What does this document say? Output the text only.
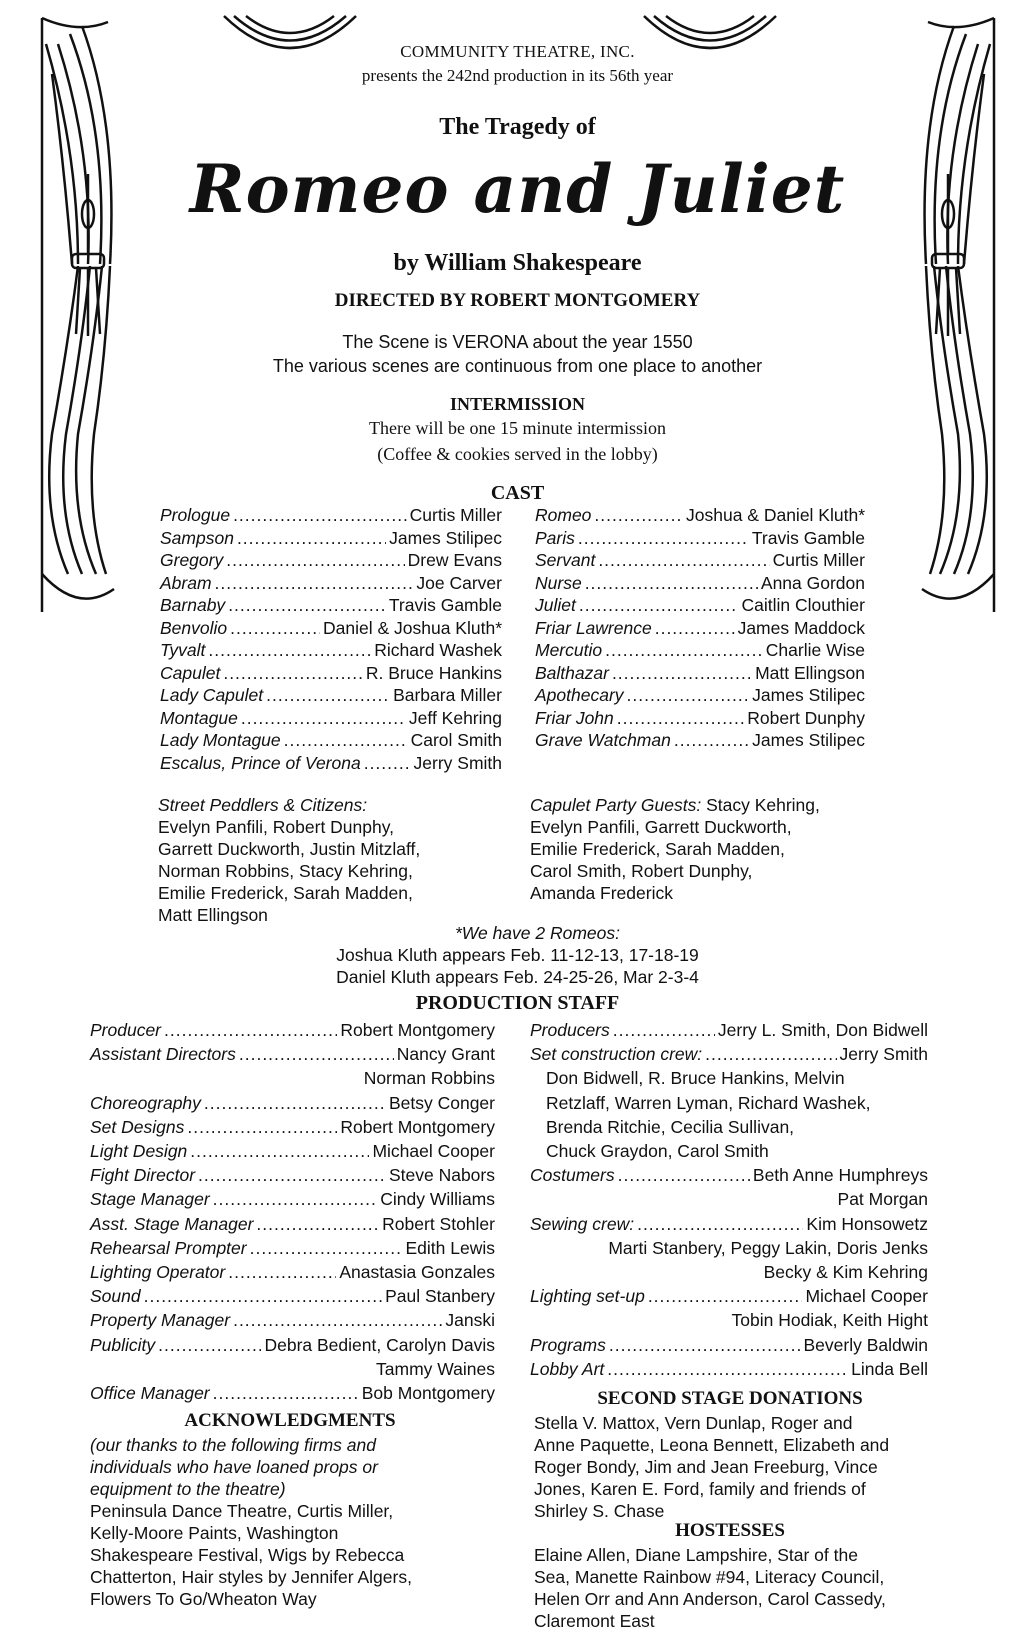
COMMUNITY THEATRE, INC.
presents the 242nd production in its 56th year
The Tragedy of
Romeo and Juliet
by William Shakespeare
DIRECTED BY ROBERT MONTGOMERY
The Scene is VERONA about the year 1550
The various scenes are continuous from one place to another
INTERMISSION
There will be one 15 minute intermission
(Coffee & cookies served in the lobby)
CAST
Prologue .....	Curtis Miller
Sampson .....	James Stilipec
Gregory .....	Drew Evans
Abram .....	Joe Carver
Barnaby .....	Travis Gamble
Benvolio .....	Daniel & Joshua Kluth*
Tyvalt .....	Richard Washek
Capulet .....	R. Bruce Hankins
Lady Capulet .....	Barbara Miller
Montague .....	Jeff Kehring
Lady Montague .....	Carol Smith
Escalus, Prince of Verona .....	Jerry Smith
Romeo .....	Joshua & Daniel Kluth*
Paris .....	Travis Gamble
Servant .....	Curtis Miller
Nurse .....	Anna Gordon
Juliet .....	Caitlin Clouthier
Friar Lawrence .....	James Maddock
Mercutio .....	Charlie Wise
Balthazar .....	Matt Ellingson
Apothecary .....	James Stilipec
Friar John .....	Robert Dunphy
Grave Watchman .....	James Stilipec
Street Peddlers & Citizens:
Evelyn Panfili, Robert Dunphy,
Garrett Duckworth, Justin Mitzlaff,
Norman Robbins, Stacy Kehring,
Emilie Frederick, Sarah Madden,
Matt Ellingson
Capulet Party Guests: Stacy Kehring,
Evelyn Panfili, Garrett Duckworth,
Emilie Frederick, Sarah Madden,
Carol Smith, Robert Dunphy,
Amanda Frederick
*We have 2 Romeos:
Joshua Kluth appears Feb. 11-12-13, 17-18-19
Daniel Kluth appears Feb. 24-25-26, Mar 2-3-4
PRODUCTION STAFF
Producer .....	Robert Montgomery
Assistant Directors .....	Nancy Grant
Norman Robbins
Choreography .....	Betsy Conger
Set Designs .....	Robert Montgomery
Light Design .....	Michael Cooper
Fight Director .....	Steve Nabors
Stage Manager .....	Cindy Williams
Asst. Stage Manager .....	Robert Stohler
Rehearsal Prompter .....	Edith Lewis
Lighting Operator .....	Anastasia Gonzales
Sound .....	Paul Stanbery
Property Manager .....	Janski
Publicity .....	Debra Bedient, Carolyn Davis
Tammy Waines
Office Manager .....	Bob Montgomery
Producers .....	Jerry L. Smith, Don Bidwell
Set construction crew: .....	Jerry Smith
Don Bidwell, R. Bruce Hankins, Melvin
Retzlaff, Warren Lyman, Richard Washek,
Brenda Ritchie, Cecilia Sullivan,
Chuck Graydon, Carol Smith
Costumers .....	Beth Anne Humphreys
Pat Morgan
Sewing crew: .....	Kim Honsowetz
Marti Stanbery, Peggy Lakin, Doris Jenks
Becky & Kim Kehring
Lighting set-up .....	Michael Cooper
Tobin Hodiak, Keith Hight
Programs .....	Beverly Baldwin
Lobby Art .....	Linda Bell
ACKNOWLEDGMENTS
(our thanks to the following firms and
individuals who have loaned props or
equipment to the theatre)
Peninsula Dance Theatre, Curtis Miller,
Kelly-Moore Paints, Washington
Shakespeare Festival, Wigs by Rebecca
Chatterton, Hair styles by Jennifer Algers,
Flowers To Go/Wheaton Way
SECOND STAGE DONATIONS
Stella V. Mattox, Vern Dunlap, Roger and
Anne Paquette, Leona Bennett, Elizabeth and
Roger Bondy, Jim and Jean Freeburg, Vince
Jones, Karen E. Ford, family and friends of
Shirley S. Chase
HOSTESSES
Elaine Allen, Diane Lampshire, Star of the
Sea, Manette Rainbow #94, Literacy Council,
Helen Orr and Ann Anderson, Carol Cassedy,
Claremont East
